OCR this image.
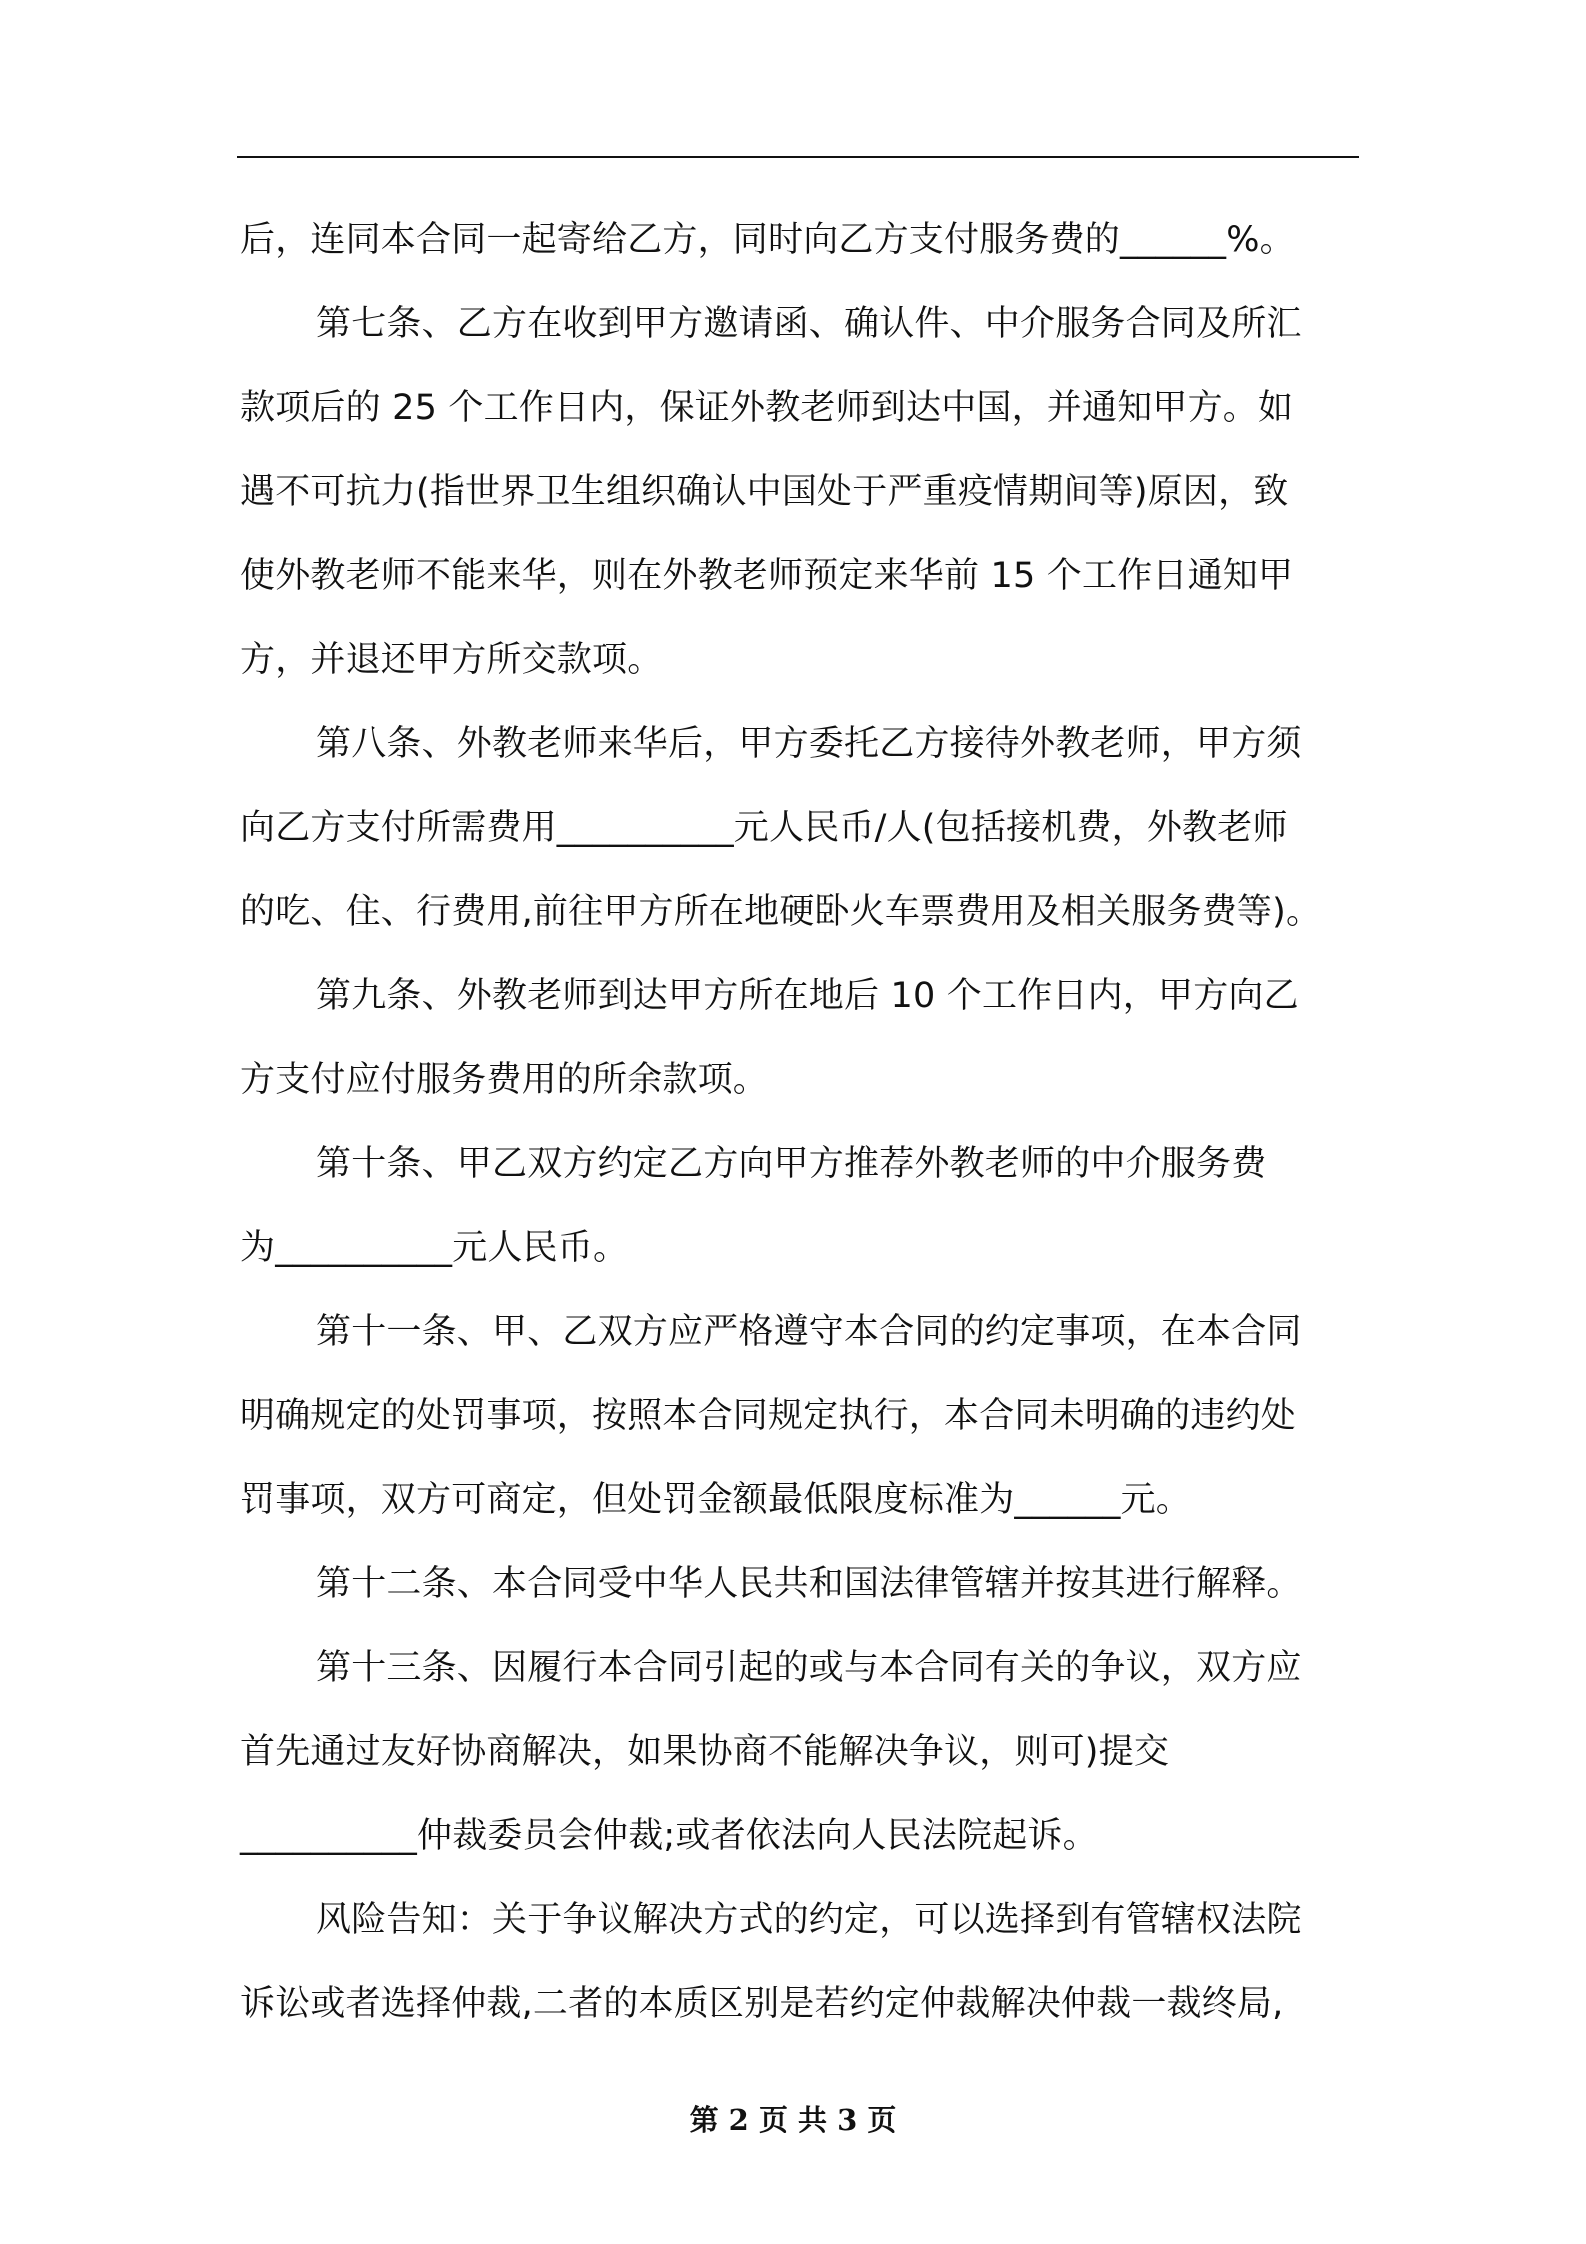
后，连同本合同一起寄给乙方，同时向乙方支付服务费的______%。
第七条、乙方在收到甲方邀请函、确认件、中介服务合同及所汇
款项后的 25 个工作日内，保证外教老师到达中国，并通知甲方。如
遇不可抗力(指世界卫生组织确认中国处于严重疫情期间等)原因，致
使外教老师不能来华，则在外教老师预定来华前 15 个工作日通知甲
方，并退还甲方所交款项。
第八条、外教老师来华后，甲方委托乙方接待外教老师，甲方须
向乙方支付所需费用__________元人民币/人(包括接机费，外教老师
的吃、住、行费用,前往甲方所在地硬卧火车票费用及相关服务费等)。
第九条、外教老师到达甲方所在地后 10 个工作日内，甲方向乙
方支付应付服务费用的所余款项。
第十条、甲乙双方约定乙方向甲方推荐外教老师的中介服务费
为__________元人民币。
第十一条、甲、乙双方应严格遵守本合同的约定事项，在本合同
明确规定的处罚事项，按照本合同规定执行，本合同未明确的违约处
罚事项，双方可商定，但处罚金额最低限度标准为______元。
第十二条、本合同受中华人民共和国法律管辖并按其进行解释。
第十三条、因履行本合同引起的或与本合同有关的争议，双方应
首先通过友好协商解决，如果协商不能解决争议，则可)提交
__________仲裁委员会仲裁;或者依法向人民法院起诉。
风险告知：关于争议解决方式的约定，可以选择到有管辖权法院
诉讼或者选择仲裁,二者的本质区别是若约定仲裁解决仲裁一裁终局,
第 2 页 共 3 页
